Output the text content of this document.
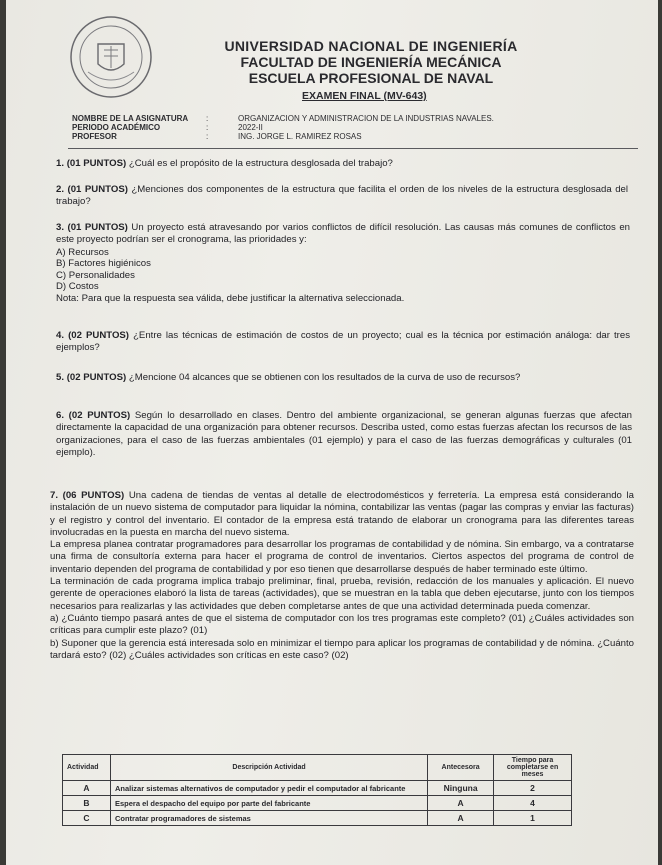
UNIVERSIDAD NACIONAL DE INGENIERÍA
FACULTAD DE INGENIERÍA MECÁNICA
ESCUELA PROFESIONAL DE NAVAL
EXAMEN FINAL (MV-643)
NOMBRE DE LA ASIGNATURA	:	ORGANIZACION Y ADMINISTRACION DE LA INDUSTRIAS NAVALES.
PERIODO ACADÉMICO	:	2022-II
PROFESOR	:	ING. JORGE L. RAMIREZ ROSAS
1. (01 PUNTOS) ¿Cuál es el propósito de la estructura desglosada del trabajo?
2. (01 PUNTOS) ¿Menciones dos componentes de la estructura que facilita el orden de los niveles de la estructura desglosada del trabajo?
3. (01 PUNTOS) Un proyecto está atravesando por varios conflictos de difícil resolución. Las causas más comunes de conflictos en este proyecto podrían ser el cronograma, las prioridades y:
A) Recursos
B) Factores higiénicos
C) Personalidades
D) Costos
Nota: Para que la respuesta sea válida, debe justificar la alternativa seleccionada.
4. (02 PUNTOS) ¿Entre las técnicas de estimación de costos de un proyecto; cual es la técnica por estimación análoga: dar tres ejemplos?
5. (02 PUNTOS) ¿Mencione 04 alcances que se obtienen con los resultados de la curva de uso de recursos?
6. (02 PUNTOS) Según lo desarrollado en clases. Dentro del ambiente organizacional, se generan algunas fuerzas que afectan directamente la capacidad de una organización para obtener recursos. Describa usted, como estas fuerzas afectan los recursos de las organizaciones, para el caso de las fuerzas ambientales (01 ejemplo) y para el caso de las fuerzas demográficas y culturales (01 ejemplo).
7. (06 PUNTOS) Una cadena de tiendas de ventas al detalle de electrodomésticos y ferretería. La empresa está considerando la instalación de un nuevo sistema de computador para liquidar la nómina, contabilizar las ventas (pagar las compras y enviar las facturas) y el registro y control del inventario. El contador de la empresa está tratando de elaborar un cronograma para las diferentes tareas involucradas en la puesta en marcha del nuevo sistema.
La empresa planea contratar programadores para desarrollar los programas de contabilidad y de nómina. Sin embargo, va a contratarse una firma de consultoría externa para hacer el programa de control de inventarios. Ciertos aspectos del programa de control de inventario dependen del programa de contabilidad y por eso tienen que desarrollarse después de haber terminado este último.
La terminación de cada programa implica trabajo preliminar, final, prueba, revisión, redacción de los manuales y aplicación. El nuevo gerente de operaciones elaboró la lista de tareas (actividades), que se muestran en la tabla que deben ejecutarse, junto con los tiempos necesarios para realizarlas y las actividades que deben completarse antes de que una actividad determinada pueda comenzar.
a) ¿Cuánto tiempo pasará antes de que el sistema de computador con los tres programas este completo? (01) ¿Cuáles actividades son críticas para cumplir este plazo? (01)
b) Suponer que la gerencia está interesada solo en minimizar el tiempo para aplicar los programas de contabilidad y de nómina. ¿Cuánto tardará esto? (02) ¿Cuáles actividades son críticas en este caso? (02)
Actividad	Descripción Actividad	Antecesora	Tiempo para completarse en meses
A	Analizar sistemas alternativos de computador y pedir el computador al fabricante	Ninguna	2
B	Espera el despacho del equipo por parte del fabricante	A	4
C	Contratar programadores de sistemas	A	1
